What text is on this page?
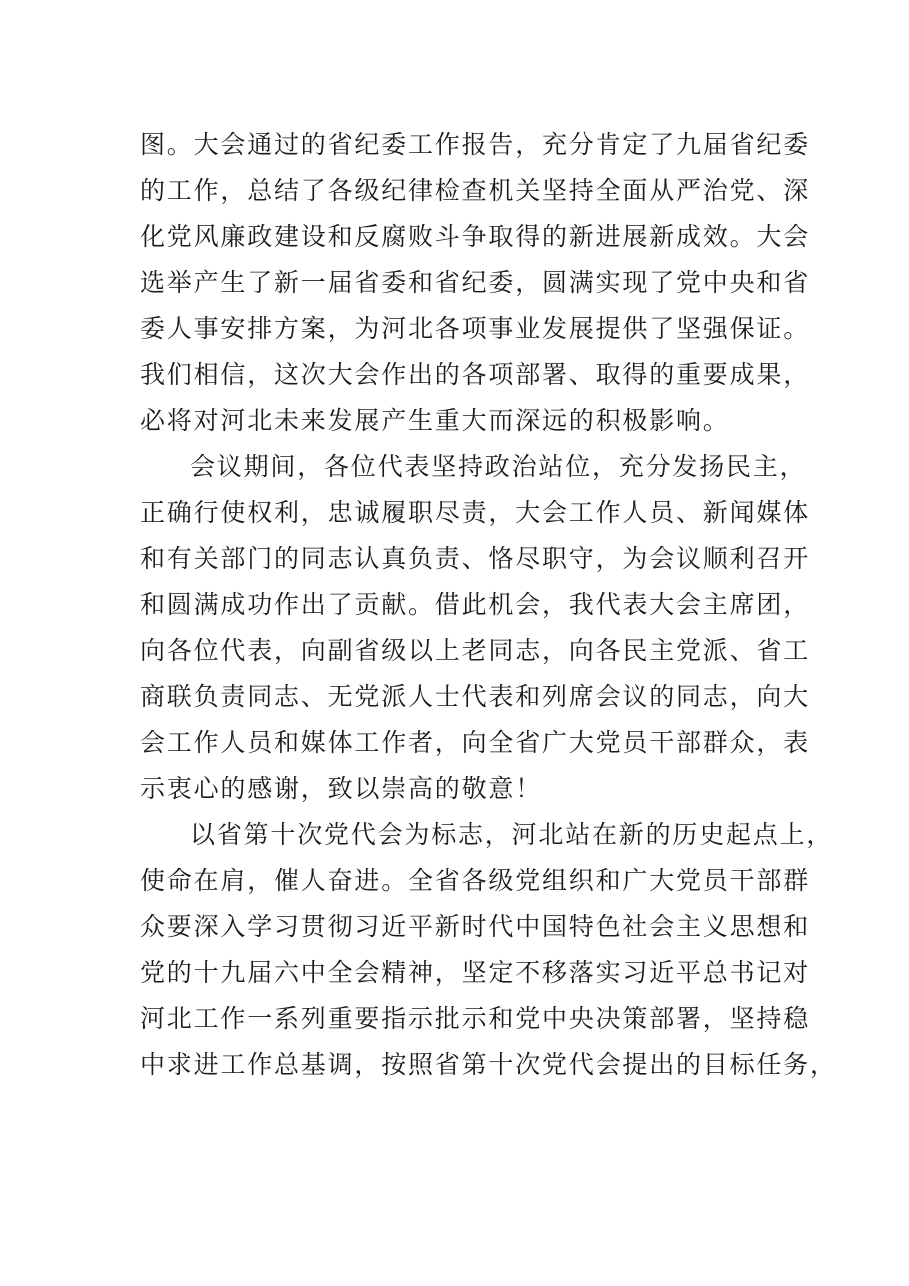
图。大会通过的省纪委工作报告，充分肯定了九届省纪委
的工作，总结了各级纪律检查机关坚持全面从严治党、深
化党风廉政建设和反腐败斗争取得的新进展新成效。大会
选举产生了新一届省委和省纪委，圆满实现了党中央和省
委人事安排方案，为河北各项事业发展提供了坚强保证。
我们相信，这次大会作出的各项部署、取得的重要成果，
必将对河北未来发展产生重大而深远的积极影响。
会议期间，各位代表坚持政治站位，充分发扬民主，
正确行使权利，忠诚履职尽责，大会工作人员、新闻媒体
和有关部门的同志认真负责、恪尽职守，为会议顺利召开
和圆满成功作出了贡献。借此机会，我代表大会主席团，
向各位代表，向副省级以上老同志，向各民主党派、省工
商联负责同志、无党派人士代表和列席会议的同志，向大
会工作人员和媒体工作者，向全省广大党员干部群众，表
示衷心的感谢，致以崇高的敬意！
以省第十次党代会为标志，河北站在新的历史起点上，
使命在肩，催人奋进。全省各级党组织和广大党员干部群
众要深入学习贯彻习近平新时代中国特色社会主义思想和
党的十九届六中全会精神，坚定不移落实习近平总书记对
河北工作一系列重要指示批示和党中央决策部署，坚持稳
中求进工作总基调，按照省第十次党代会提出的目标任务，
